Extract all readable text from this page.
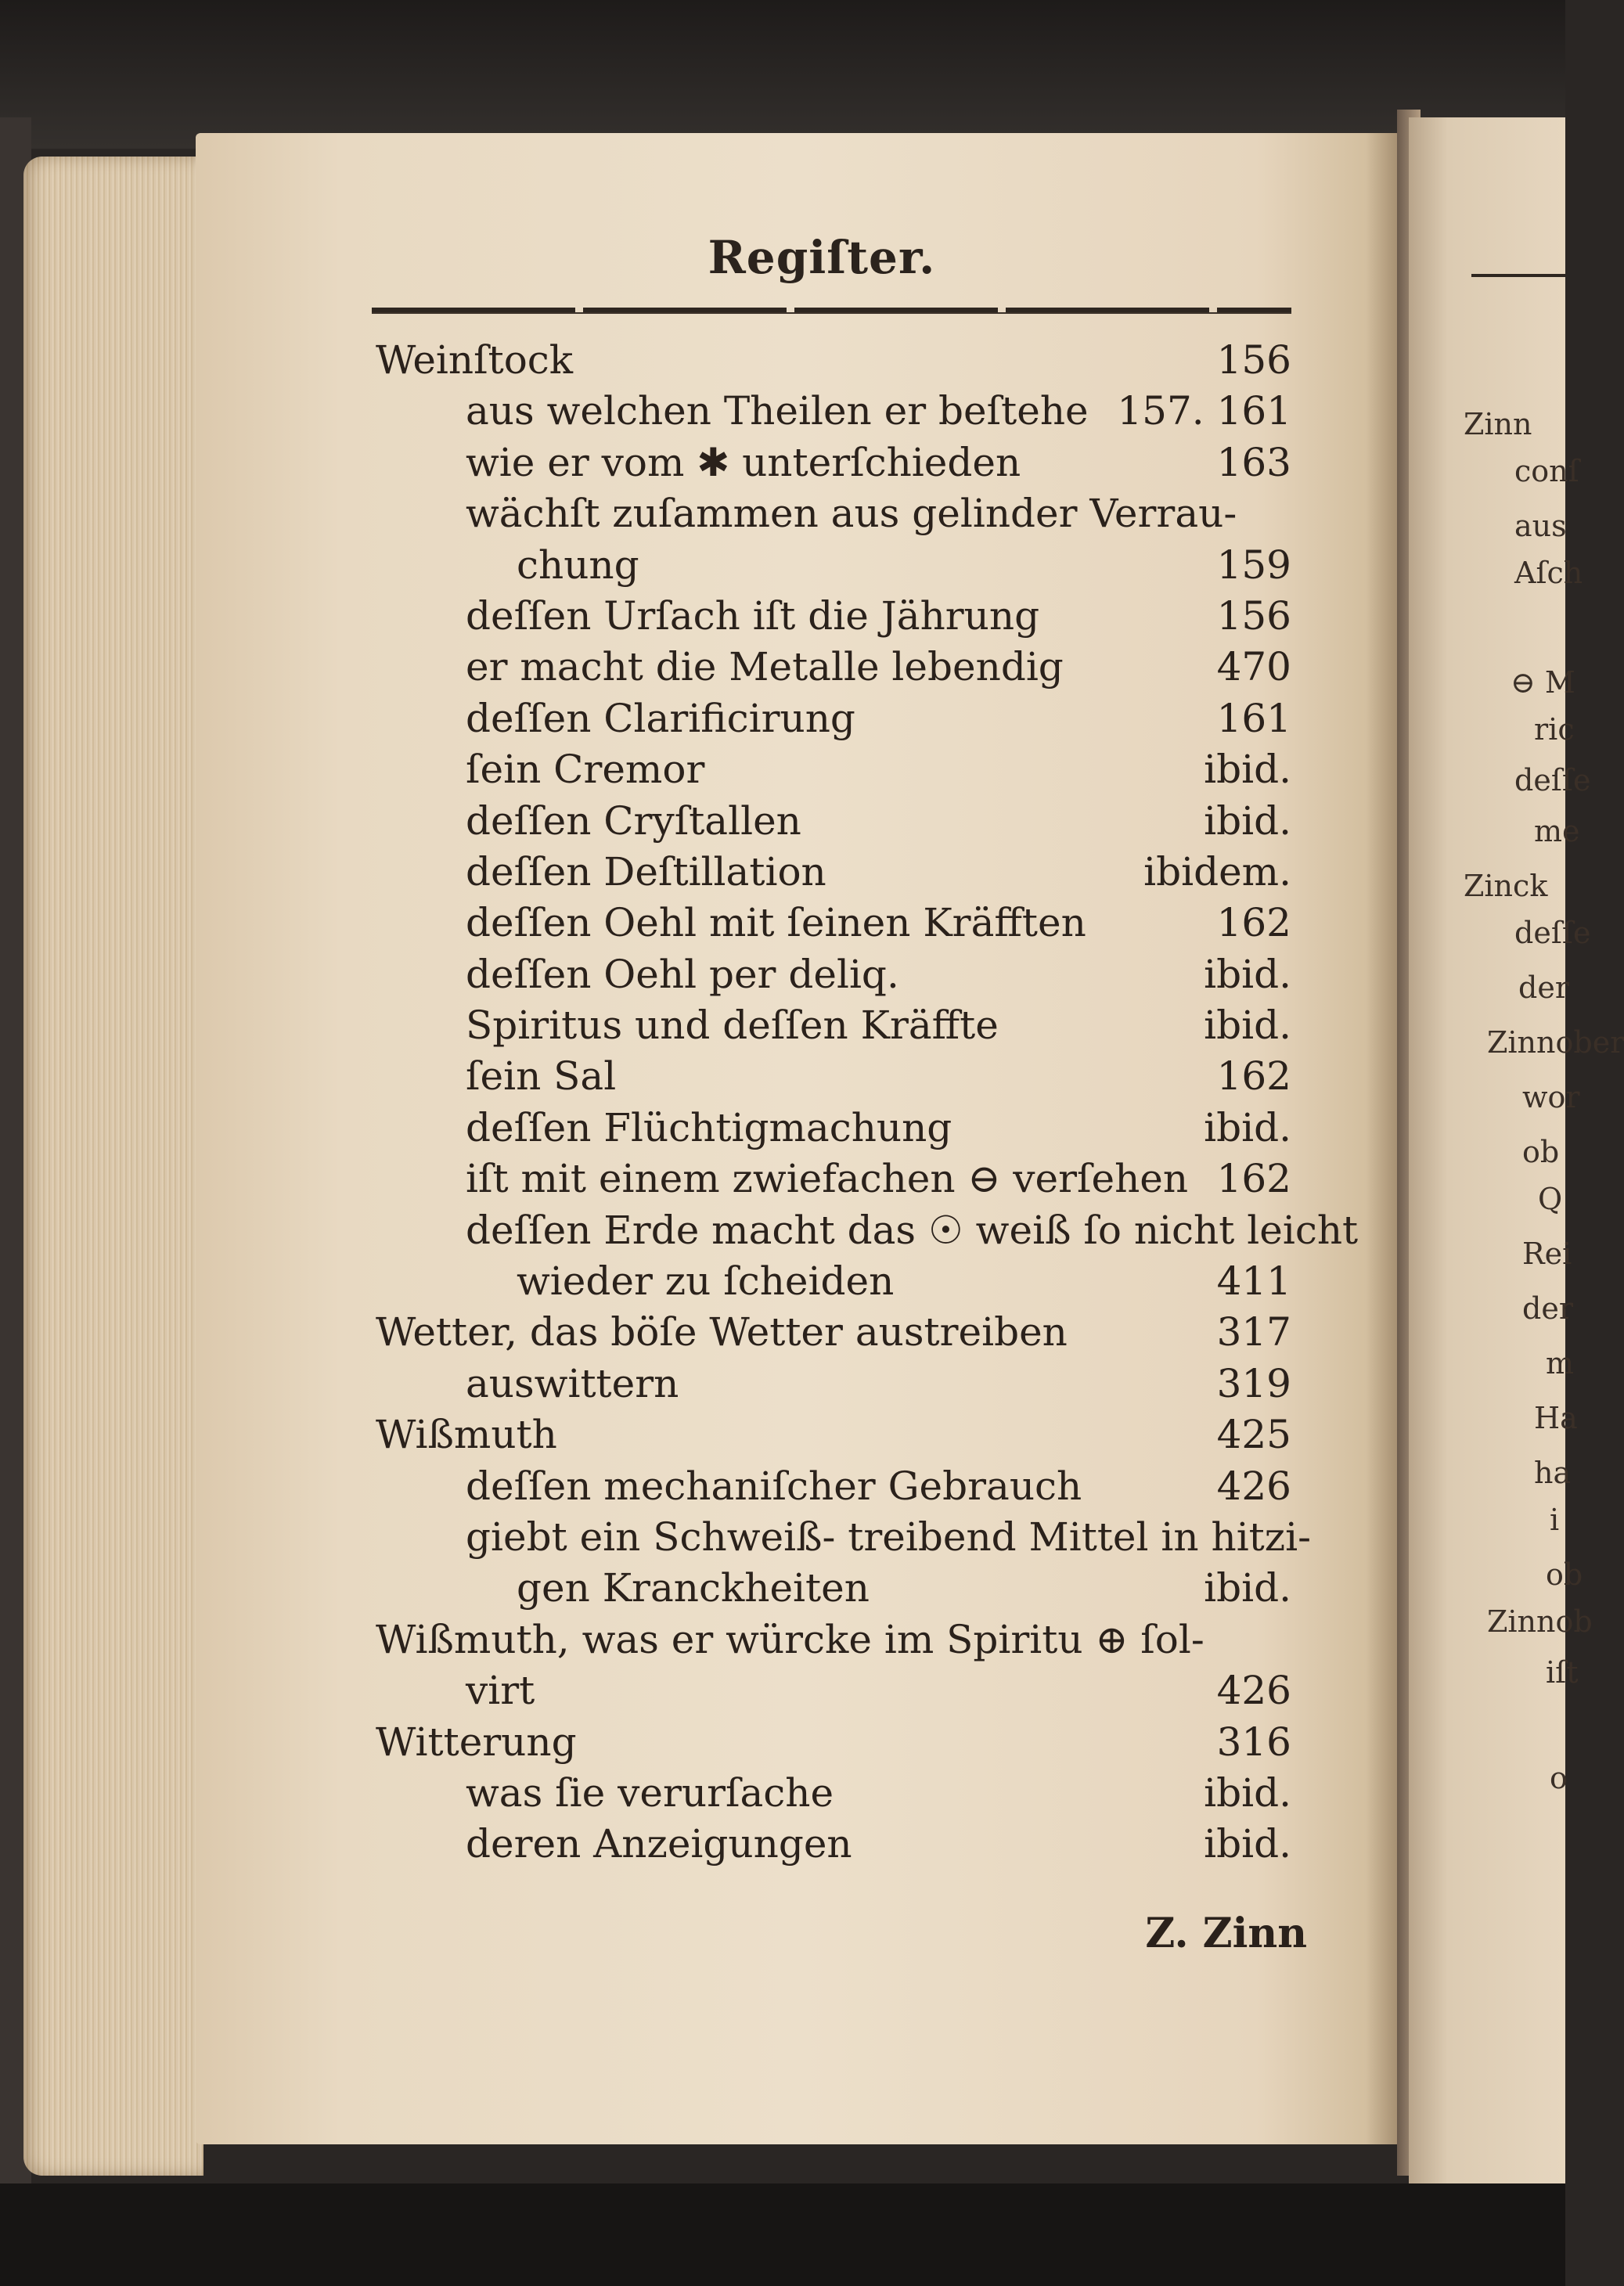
Regiſter.
Weinſtock	156
aus welchen Theilen er beſtehe 157. 161
wie er vom ✱ unterſchieden	163
wächſt zuſammen aus gelinder Verrau-
chung	159
deſſen Urſach iſt die Jährung	156
er macht die Metalle lebendig	470
deſſen Clarificirung	161
ſein Cremor	ibid.
deſſen Cryſtallen	ibid.
deſſen Deſtillation	ibidem.
deſſen Oehl mit ſeinen Kräfften	162
deſſen Oehl per deliq.	ibid.
Spiritus und deſſen Kräffte	ibid.
ſein Sal	162
deſſen Flüchtigmachung	ibid.
iſt mit einem zwiefachen ⊖ verſehen 162
deſſen Erde macht das ☉ weiß ſo nicht leicht
wieder zu ſcheiden	411
Wetter, das böſe Wetter austreiben	317
auswittern	319
Wißmuth	425
deſſen mechaniſcher Gebrauch	426
giebt ein Schweiß- treibend Mittel in hitzi-
gen Kranckheiten	ibid.
Wißmuth, was er würcke im Spiritu ⊕ ſol-
virt	426
Witterung	316
was ſie verurſache	ibid.
deren Anzeigungen	ibid.
Z. Zinn
Zinn
conſ
aus
Aſch
⊖ M
ric
deſſe
me
Zinck
deſſe
der
Zinnober
wor
ob
Q
Rei
der
m
Ha
ha
i
ob
Zinnob
iſt
o
